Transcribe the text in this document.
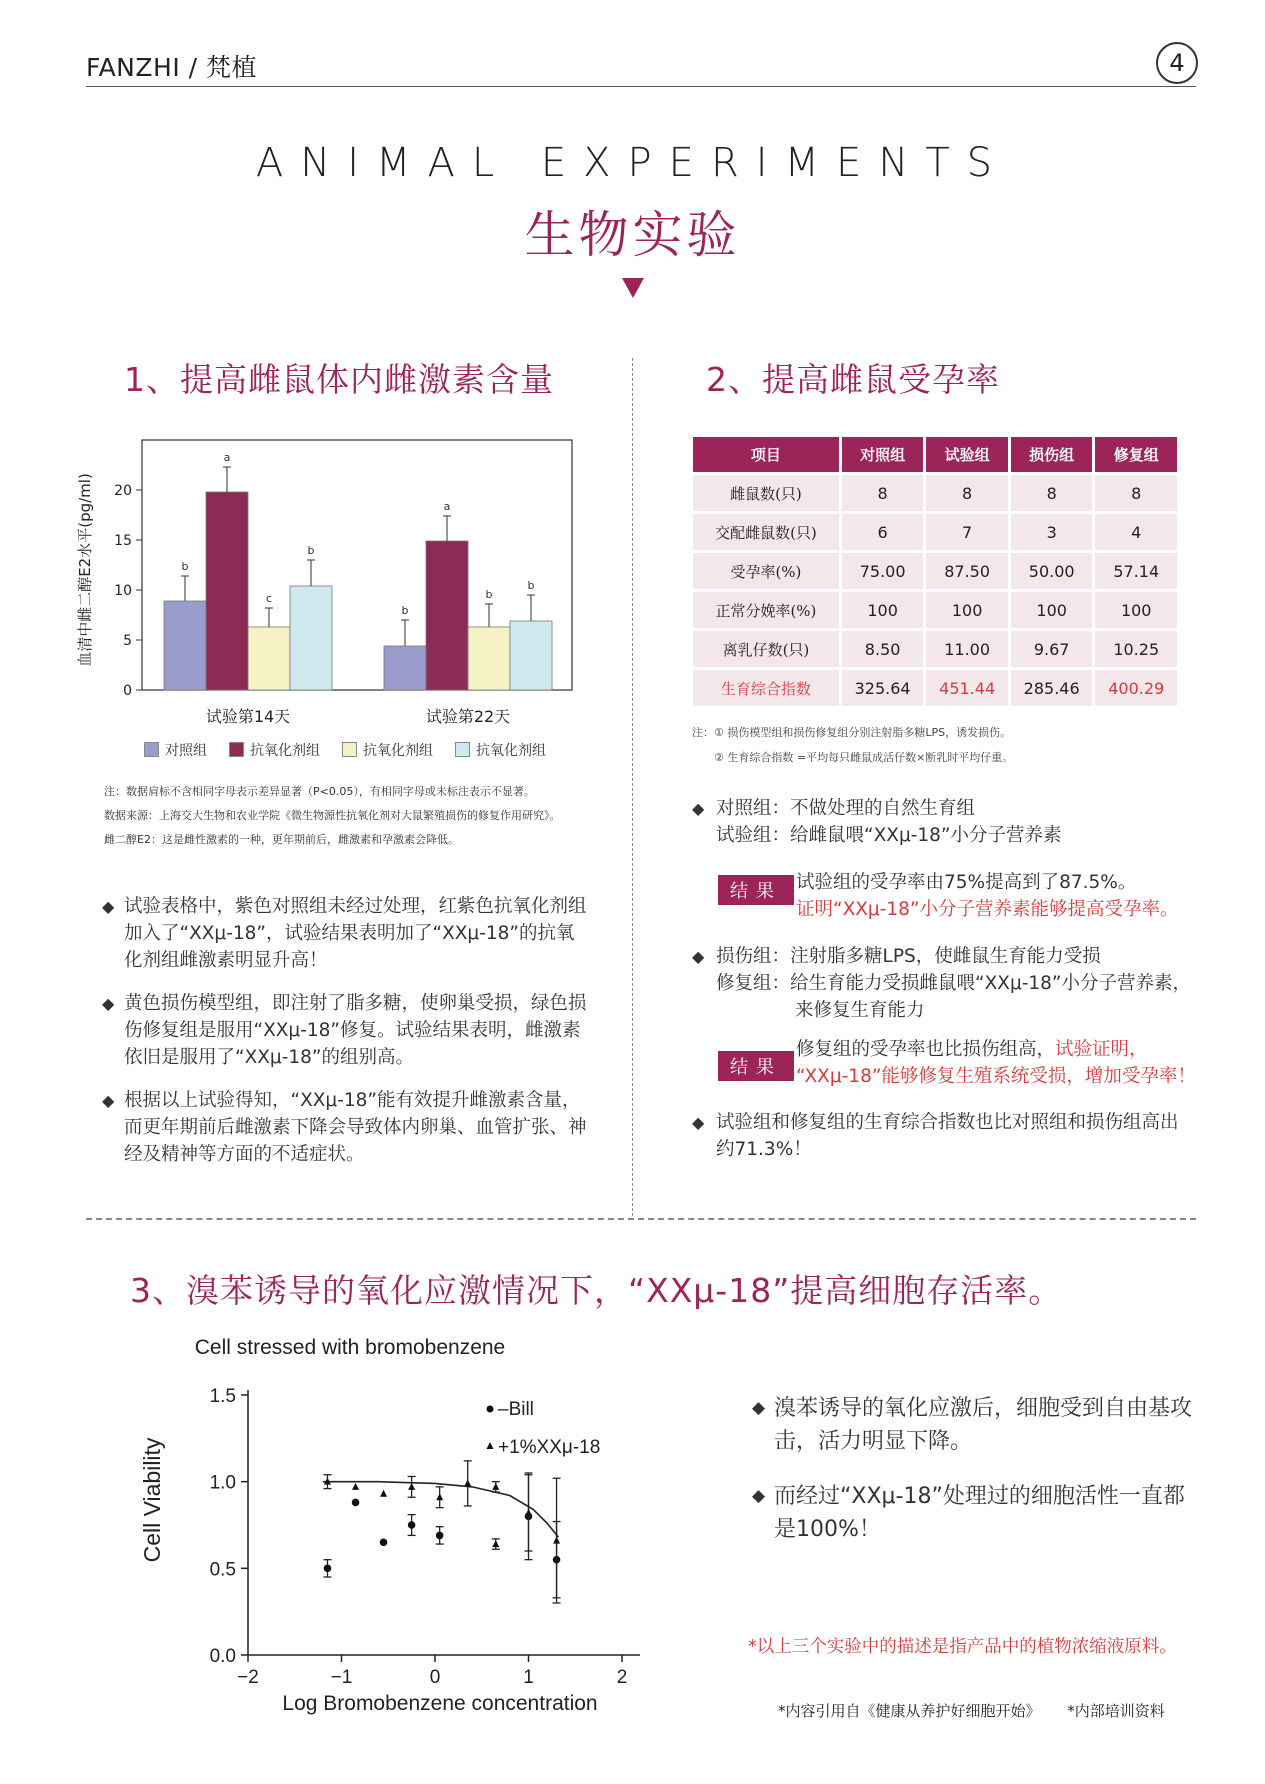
FANZHI / 梵植	4
ANIMAL EXPERIMENTS
生物实验
1、提高雌鼠体内雌激素含量
血清中雌二醇E2水平(pg/ml)
0
5
10
15
20
b
a
c
b
试验第14天
b
a
b
b
试验第22天
对照组	抗氧化剂组	抗氧化剂组	抗氧化剂组
注：数据肩标不含相同字母表示差异显著（P<0.05），有相同字母或未标注表示不显著。
数据来源：上海交大生物和农业学院《微生物源性抗氧化剂对大鼠繁殖损伤的修复作用研究》。
雌二醇E2：这是雌性激素的一种，更年期前后，雌激素和孕激素会降低。
◆ 试验表格中，紫色对照组未经过处理，红紫色抗氧化剂组加入了“XXμ-18”，试验结果表明加了“XXμ-18”的抗氧化剂组雌激素明显升高！
◆ 黄色损伤模型组，即注射了脂多糖，使卵巢受损，绿色损伤修复组是服用“XXμ-18”修复。试验结果表明，雌激素依旧是服用了“XXμ-18”的组别高。
◆ 根据以上试验得知，“XXμ-18”能有效提升雌激素含量，而更年期前后雌激素下降会导致体内卵巢、血管扩张、神经及精神等方面的不适症状。
2、提高雌鼠受孕率
项目	对照组	试验组	损伤组	修复组
雌鼠数(只)	8	8	8	8
交配雌鼠数(只)	6	7	3	4
受孕率(%)	75.00	87.50	50.00	57.14
正常分娩率(%)	100	100	100	100
离乳仔数(只)	8.50	11.00	9.67	10.25
生育综合指数	325.64	451.44	285.46	400.29
注：① 损伤模型组和损伤修复组分别注射脂多糖LPS，诱发损伤。
② 生育综合指数 =平均每只雌鼠成活仔数×断乳时平均仔重。
◆ 对照组：不做处理的自然生育组
试验组：给雌鼠喂“XXμ-18”小分子营养素
结果 试验组的受孕率由75%提高到了87.5%。
证明“XXμ-18”小分子营养素能够提高受孕率。
◆ 损伤组：注射脂多糖LPS，使雌鼠生育能力受损
修复组：给生育能力受损雌鼠喂“XXμ-18”小分子营养素，
来修复生育能力
结果
修复组的受孕率也比损伤组高，试验证明，
“XXμ-18”能够修复生殖系统受损，增加受孕率！
◆ 试验组和修复组的生育综合指数也比对照组和损伤组高出约71.3%！
3、溴苯诱导的氧化应激情况下，“XXμ-18”提高细胞存活率。
Cell stressed with bromobenzene
Log Bromobenzene concentration
Cell Viability
0.0
0.5
1.0
1.5
−2	−1	0	1	2
–Bill
+1%XXμ-18
◆ 溴苯诱导的氧化应激后，细胞受到自由基攻击，活力明显下降。
◆ 而经过“XXμ-18”处理过的细胞活性一直都是100%！
*以上三个实验中的描述是指产品中的植物浓缩液原料。
*内容引用自《健康从养护好细胞开始》 *内部培训资料
